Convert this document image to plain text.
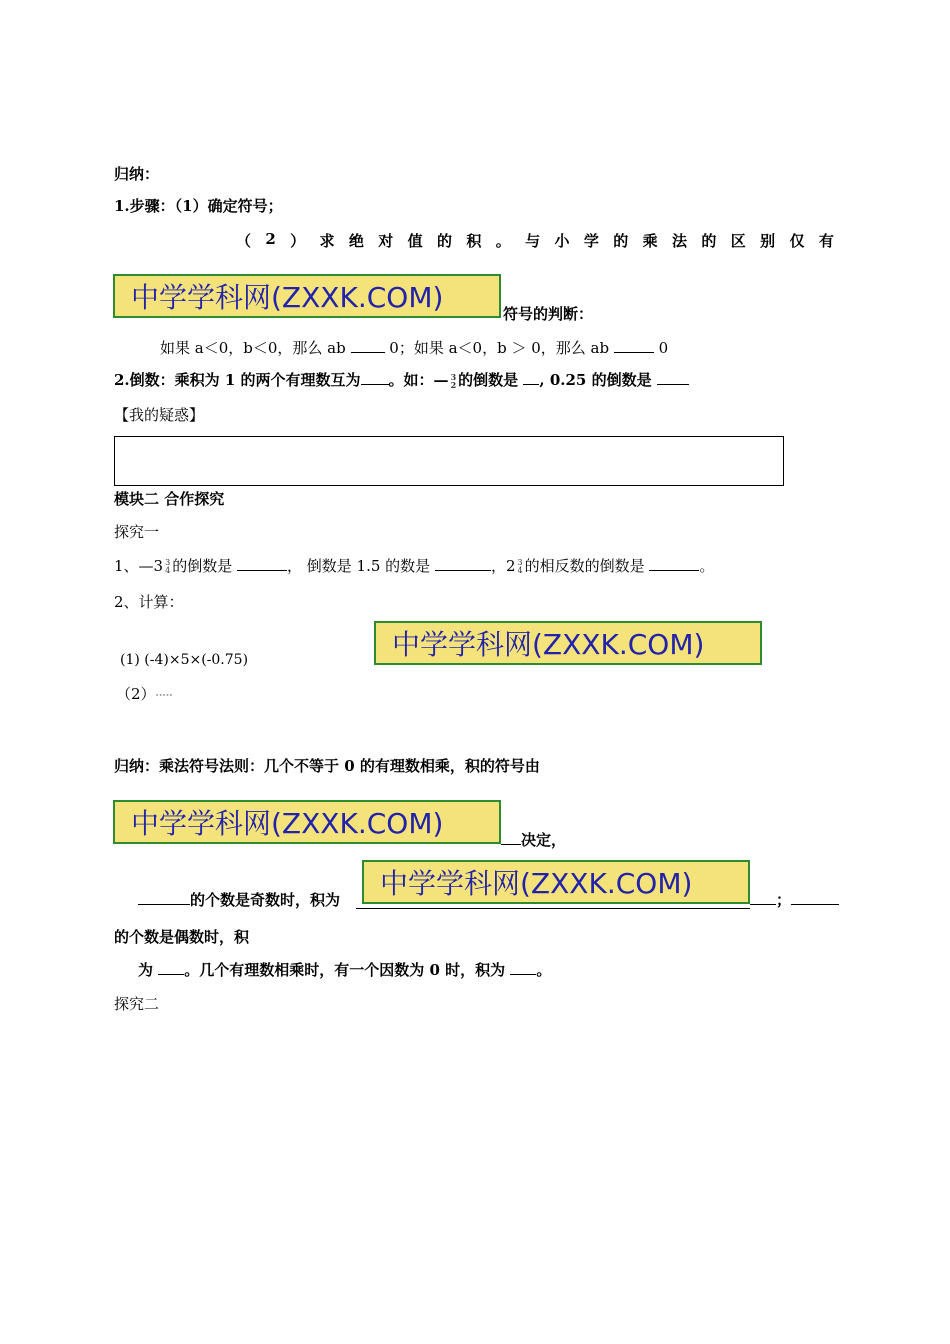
归纳：
1.步骤：（1）确定符号；
（ 2 ） 求 绝 对 值 的 积 。 与 小 学 的 乘 法 的 区 别 仅 有
中学学科网(ZXXK.COM)	符号的判断：
如果 a＜0，b＜0，那么 ab	0；如果 a＜0，b ＞ 0，那么 ab	0
2.倒数：乘积为 1 的两个有理数互为 。如：— 3
2 的倒数是 , 0.25 的倒数是
【我的疑惑】
模块二 合作探究
探究一
1、—3 3
4 的倒数是	， 倒数是 1.5 的数是	，2 3
4 的相反数的倒数是	。
2、计算：
中学学科网(ZXXK.COM)
(1) (-4)×5×(-0.75)
（2）∙∙∙∙∙
归纳：乘法符号法则：几个不等于 0 的有理数相乘，积的符号由
中学学科网(ZXXK.COM)	决定，
的个数是奇数时，积为	中学学科网(ZXXK.COM)	；
的个数是偶数时，积
为 。几个有理数相乘时，有一个因数为 0 时，积为 。
探究二
